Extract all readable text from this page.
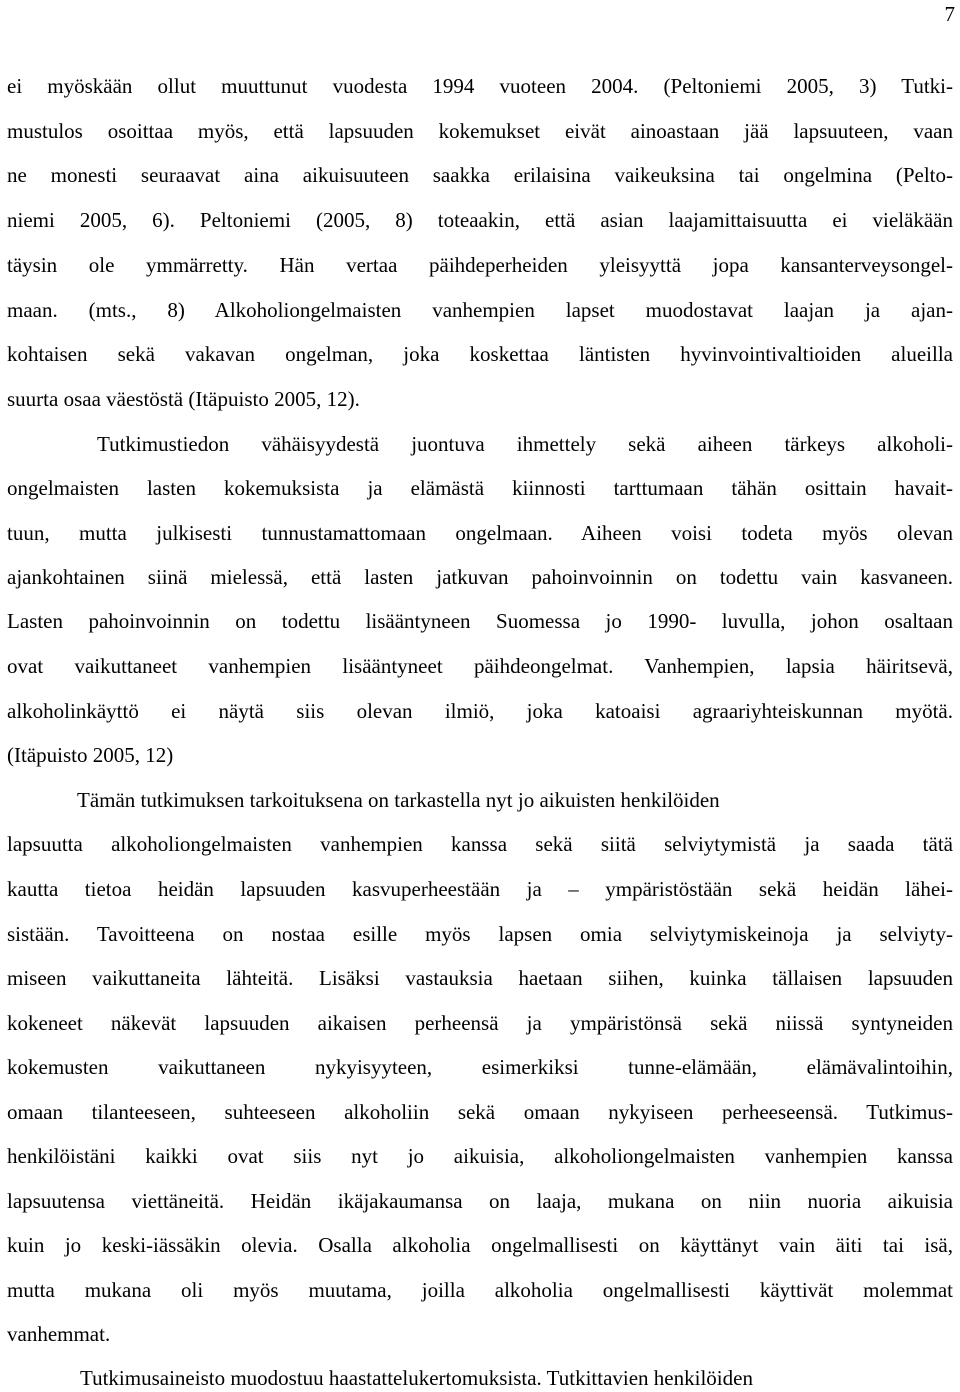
7
ei myöskään ollut muuttunut vuodesta 1994 vuoteen 2004. (Peltoniemi 2005, 3) Tutki-
mustulos osoittaa myös, että lapsuuden kokemukset eivät ainoastaan jää lapsuuteen, vaan
ne monesti seuraavat aina aikuisuuteen saakka erilaisina vaikeuksina tai ongelmina (Pelto-
niemi 2005, 6). Peltoniemi (2005, 8) toteaakin, että asian laajamittaisuutta ei vieläkään
täysin ole ymmärretty. Hän vertaa päihdeperheiden yleisyyttä jopa kansanterveysongel-
maan. (mts., 8) Alkoholiongelmaisten vanhempien lapset muodostavat laajan ja ajan-
kohtaisen sekä vakavan ongelman, joka koskettaa läntisten hyvinvointivaltioiden alueilla
suurta osaa väestöstä (Itäpuisto 2005, 12).
Tutkimustiedon vähäisyydestä juontuva ihmettely sekä aiheen tärkeys alkoholi-
ongelmaisten lasten kokemuksista ja elämästä kiinnosti tarttumaan tähän osittain havait-
tuun, mutta julkisesti tunnustamattomaan ongelmaan. Aiheen voisi todeta myös olevan
ajankohtainen siinä mielessä, että lasten jatkuvan pahoinvoinnin on todettu vain kasvaneen.
Lasten pahoinvoinnin on todettu lisääntyneen Suomessa jo 1990- luvulla, johon osaltaan
ovat vaikuttaneet vanhempien lisääntyneet päihdeongelmat. Vanhempien, lapsia häiritsevä,
alkoholinkäyttö ei näytä siis olevan ilmiö, joka katoaisi agraariyhteiskunnan myötä.
(Itäpuisto 2005, 12)
Tämän tutkimuksen tarkoituksena on tarkastella nyt jo aikuisten henkilöiden
lapsuutta alkoholiongelmaisten vanhempien kanssa sekä siitä selviytymistä ja saada tätä
kautta tietoa heidän lapsuuden kasvuperheestään ja – ympäristöstään sekä heidän lähei-
sistään. Tavoitteena on nostaa esille myös lapsen omia selviytymiskeinoja ja selviyty-
miseen vaikuttaneita lähteitä. Lisäksi vastauksia haetaan siihen, kuinka tällaisen lapsuuden
kokeneet näkevät lapsuuden aikaisen perheensä ja ympäristönsä sekä niissä syntyneiden
kokemusten vaikuttaneen nykyisyyteen, esimerkiksi tunne-elämään, elämävalintoihin,
omaan tilanteeseen, suhteeseen alkoholiin sekä omaan nykyiseen perheeseensä. Tutkimus-
henkilöistäni kaikki ovat siis nyt jo aikuisia, alkoholiongelmaisten vanhempien kanssa
lapsuutensa viettäneitä. Heidän ikäjakaumansa on laaja, mukana on niin nuoria aikuisia
kuin jo keski-iässäkin olevia. Osalla alkoholia ongelmallisesti on käyttänyt vain äiti tai isä,
mutta mukana oli myös muutama, joilla alkoholia ongelmallisesti käyttivät molemmat
vanhemmat.
Tutkimusaineisto muodostuu haastattelukertomuksista. Tutkittavien henkilöiden
